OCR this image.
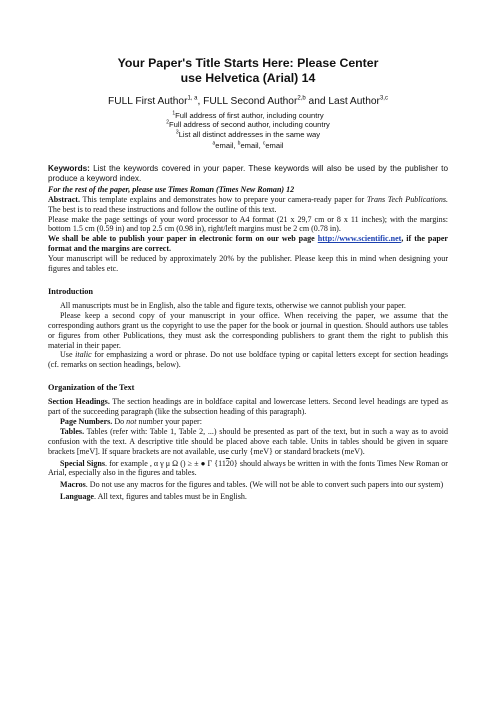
Your Paper's Title Starts Here: Please Center
use Helvetica (Arial) 14
FULL First Author$^{1, a}$, FULL Second Author$^{2,b}$ and Last Author$^{3,c}$
$^1$Full address of first author, including country
$^2$Full address of second author, including country
$^3$List all distinct addresses in the same way
$^a$email, $^b$email, $^c$email
Keywords: List the keywords covered in your paper. These keywords will also be used by the publisher to produce a keyword index.

For the rest of the paper, please use Times Roman (Times New Roman) 12

Abstract. This template explains and demonstrates how to prepare your camera-ready paper for Trans Tech Publications. The best is to read these instructions and follow the outline of this text.

Please make the page settings of your word processor to A4 format (21 x 29,7 cm or 8 x 11 inches); with the margins: bottom 1.5 cm (0.59 in) and top 2.5 cm (0.98 in), right/left margins must be 2 cm (0.78 in).

We shall be able to publish your paper in electronic form on our web page http://www.scientific.net, if the paper format and the margins are correct.

Your manuscript will be reduced by approximately 20% by the publisher. Please keep this in mind when designing your figures and tables etc.

Introduction

All manuscripts must be in English, also the table and figure texts, otherwise we cannot publish your paper.

Please keep a second copy of your manuscript in your office. When receiving the paper, we assume that the corresponding authors grant us the copyright to use the paper for the book or journal in question. Should authors use tables or figures from other Publications, they must ask the corresponding publishers to grant them the right to publish this material in their paper.

Use italic for emphasizing a word or phrase. Do not use boldface typing or capital letters except for section headings (cf. remarks on section headings, below).

Organization of the Text

Section Headings. The section headings are in boldface capital and lowercase letters. Second level headings are typed as part of the succeeding paragraph (like the subsection heading of this paragraph).

Page Numbers. Do not number your paper:

Tables. Tables (refer with: Table 1, Table 2, ...) should be presented as part of the text, but in such a way as to avoid confusion with the text. A descriptive title should be placed above each table. Units in tables should be given in square brackets [meV]. If square brackets are not available, use curly {meV} or standard brackets (meV).

Special Signs. for example , α γ μ Ω () ≥ ± ● Γ {1120} should always be written in with the fonts Times New Roman or Arial, especially also in the figures and tables.

Macros. Do not use any macros for the figures and tables. (We will not be able to convert such papers into our system)

Language. All text, figures and tables must be in English.
